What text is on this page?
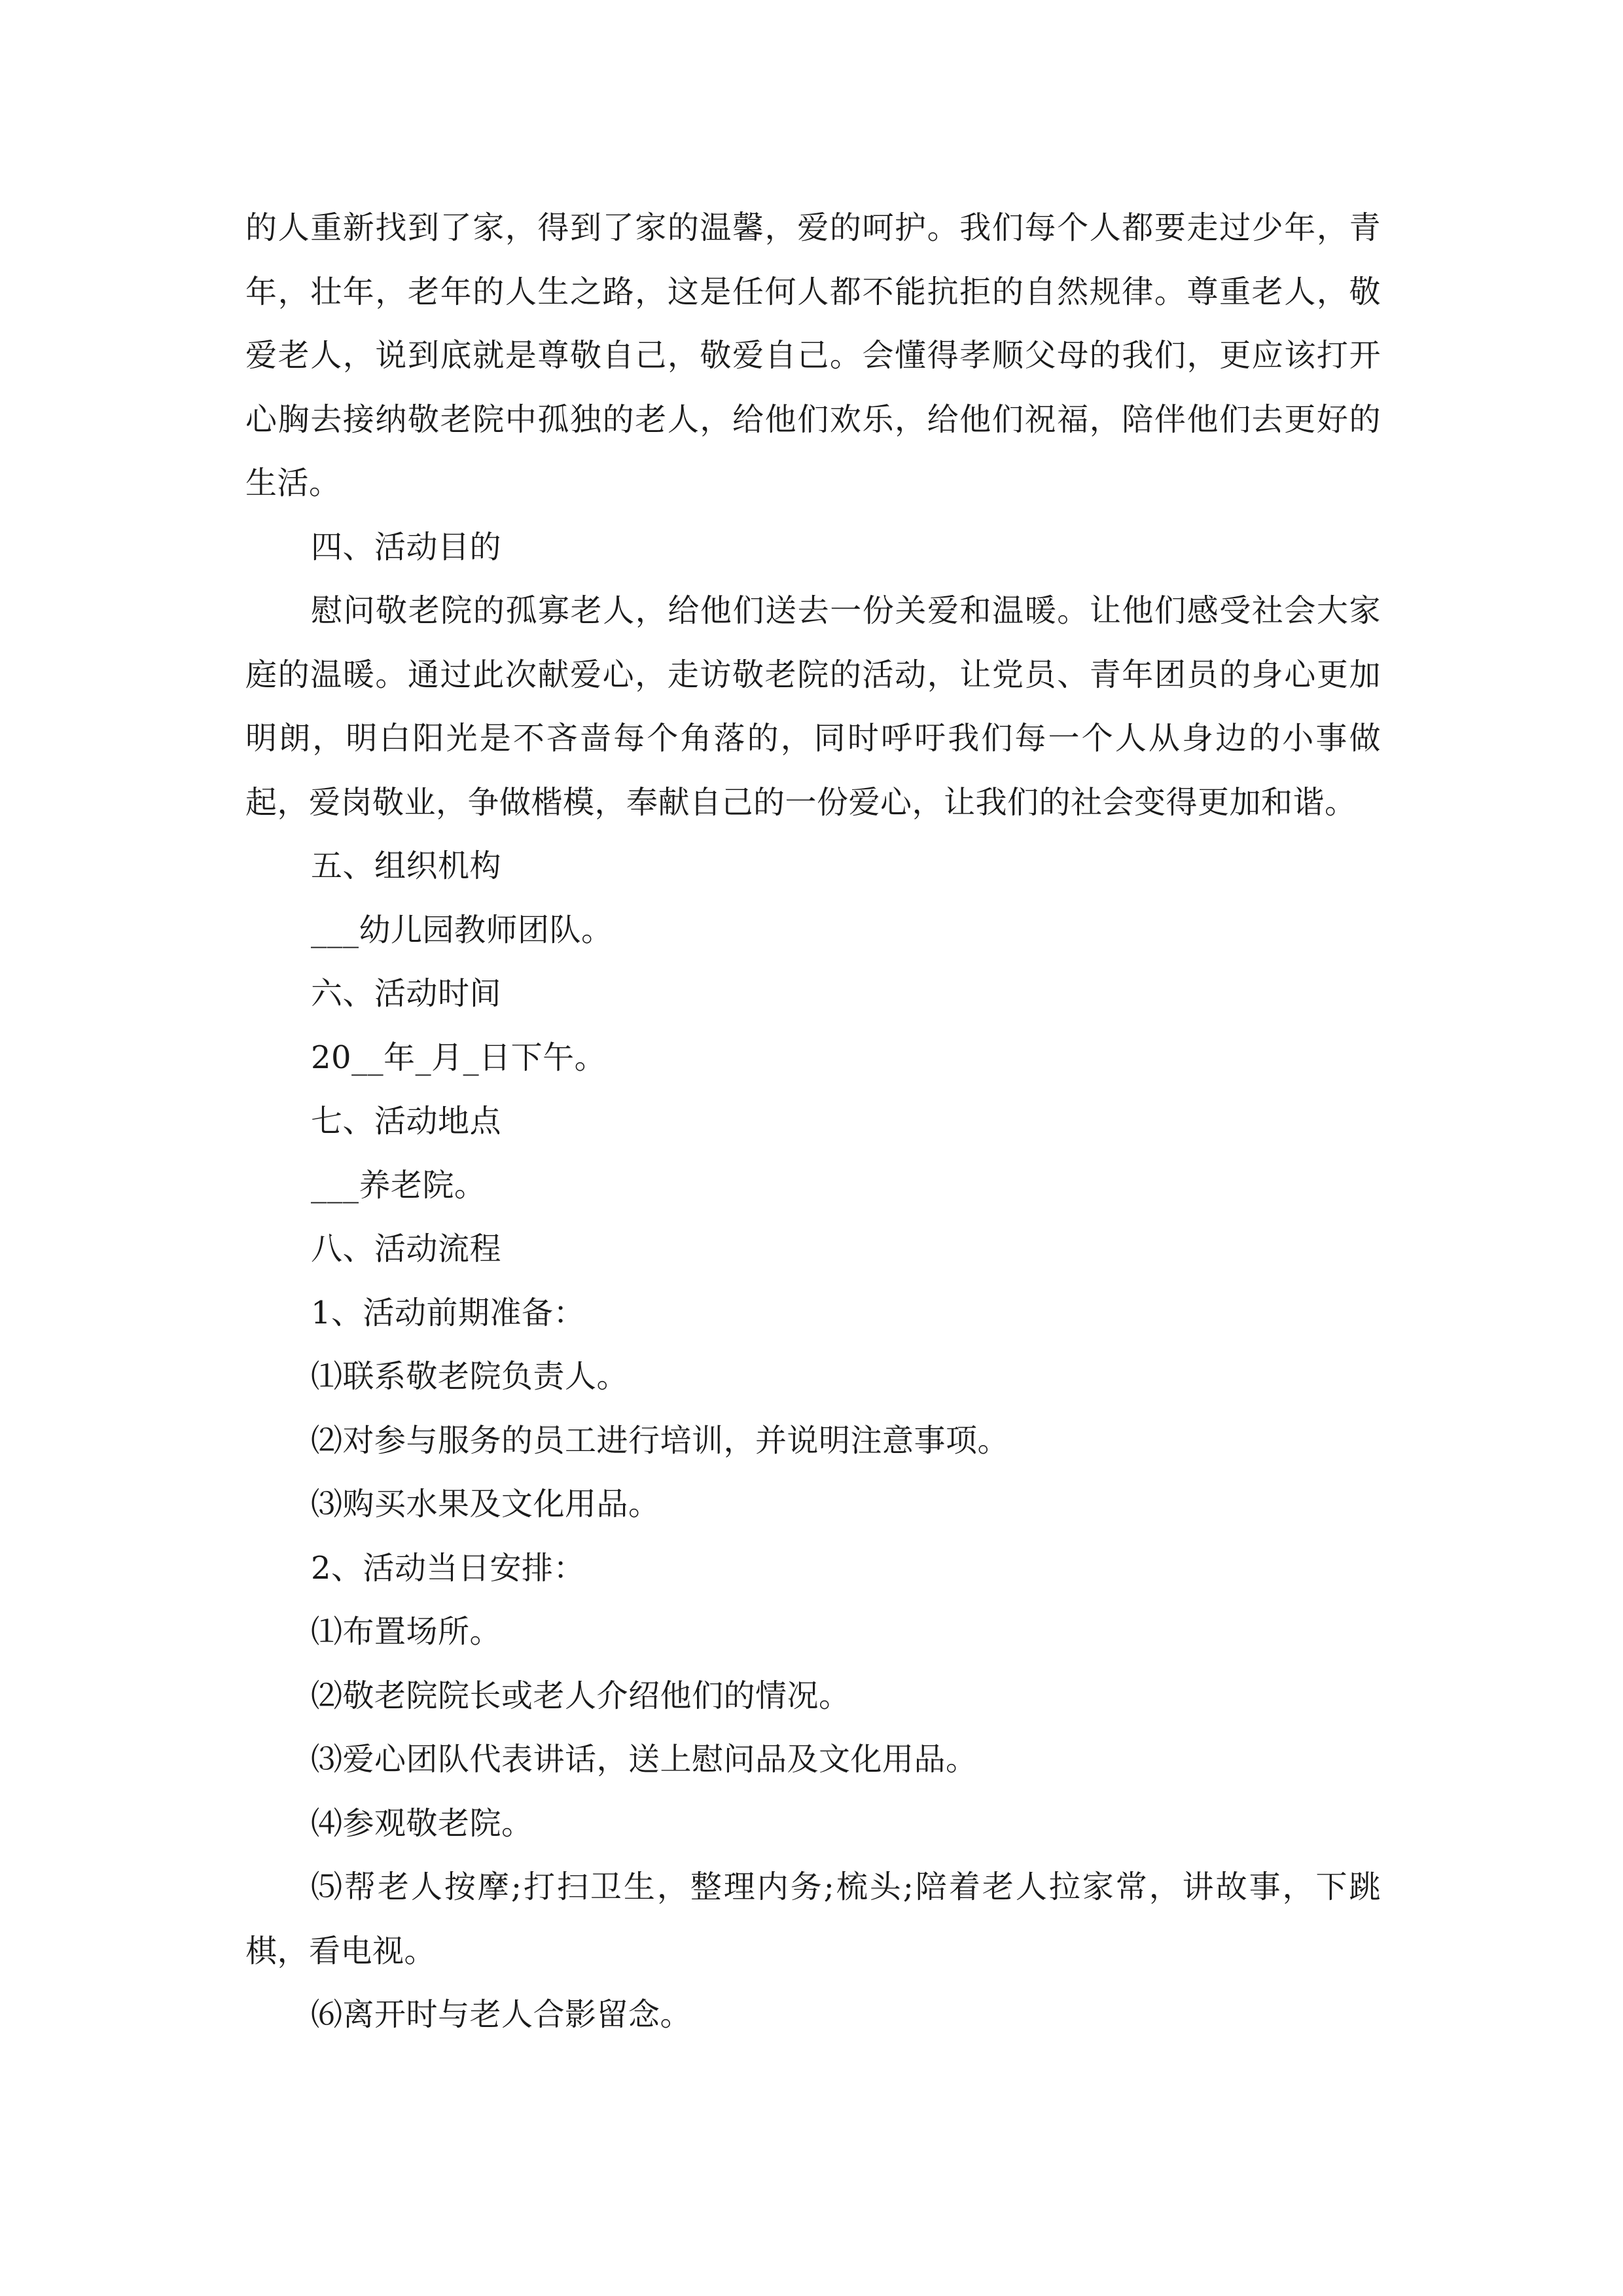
的人重新找到了家，得到了家的温馨，爱的呵护。我们每个人都要走过少年，青年，壮年，老年的人生之路，这是任何人都不能抗拒的自然规律。尊重老人，敬爱老人，说到底就是尊敬自己，敬爱自己。会懂得孝顺父母的我们，更应该打开心胸去接纳敬老院中孤独的老人，给他们欢乐，给他们祝福，陪伴他们去更好的生活。

四、活动目的

慰问敬老院的孤寡老人，给他们送去一份关爱和温暖。让他们感受社会大家庭的温暖。通过此次献爱心，走访敬老院的活动，让党员、青年团员的身心更加明朗，明白阳光是不吝啬每个角落的，同时呼吁我们每一个人从身边的小事做起，爱岗敬业，争做楷模，奉献自己的一份爱心，让我们的社会变得更加和谐。

五、组织机构

___幼儿园教师团队。

六、活动时间

20__年_月_日下午。

七、活动地点

___养老院。

八、活动流程

1、活动前期准备：

⑴联系敬老院负责人。

⑵对参与服务的员工进行培训，并说明注意事项。

⑶购买水果及文化用品。

2、活动当日安排：

⑴布置场所。

⑵敬老院院长或老人介绍他们的情况。

⑶爱心团队代表讲话，送上慰问品及文化用品。

⑷参观敬老院。

⑸帮老人按摩;打扫卫生，整理内务;梳头;陪着老人拉家常，讲故事，下跳棋，看电视。

⑹离开时与老人合影留念。
